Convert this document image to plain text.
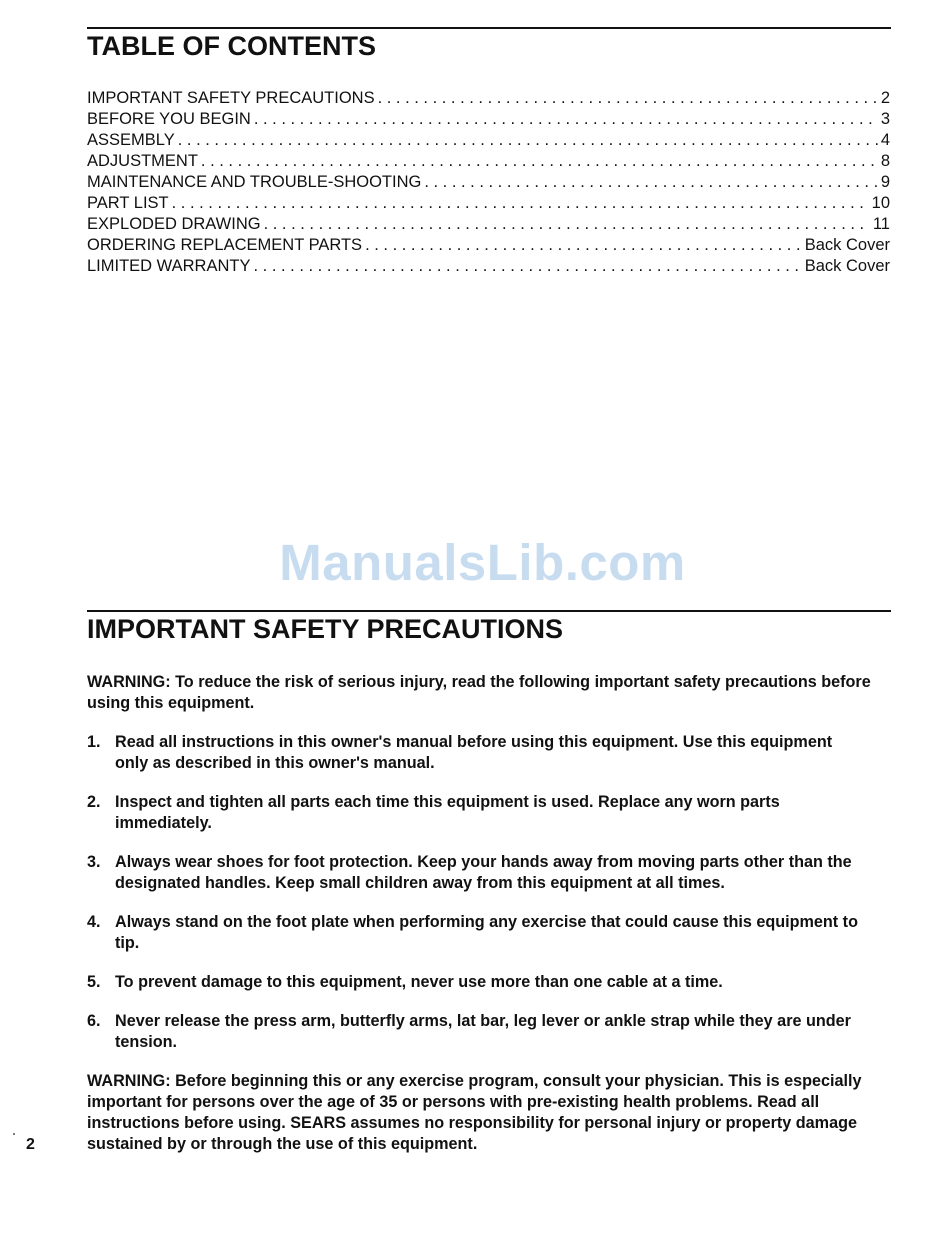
TABLE OF CONTENTS
IMPORTANT SAFETY PRECAUTIONS . . .	2
BEFORE YOU BEGIN . . .	3
ASSEMBLY . . .	4
ADJUSTMENT . . .	8
MAINTENANCE AND TROUBLE-SHOOTING . . .	9
PART LIST . . .	10
EXPLODED DRAWING . . .	11
ORDERING REPLACEMENT PARTS . . .	Back Cover
LIMITED WARRANTY . . .	Back Cover
ManualsLib.com
IMPORTANT SAFETY PRECAUTIONS

WARNING: To reduce the risk of serious injury, read the following important safety precautions before using this equipment.

1. Read all instructions in this owner's manual before using this equipment. Use this equipment only as described in this owner's manual.
2. Inspect and tighten all parts each time this equipment is used. Replace any worn parts immediately.
3. Always wear shoes for foot protection. Keep your hands away from moving parts other than the designated handles. Keep small children away from this equipment at all times.
4. Always stand on the foot plate when performing any exercise that could cause this equipment to tip.
5. To prevent damage to this equipment, never use more than one cable at a time.
6. Never release the press arm, butterfly arms, lat bar, leg lever or ankle strap while they are under tension.

WARNING: Before beginning this or any exercise program, consult your physician. This is especially important for persons over the age of 35 or persons with pre-existing health problems. Read all instructions before using. SEARS assumes no responsibility for personal injury or property damage sustained by or through the use of this equipment.

2
